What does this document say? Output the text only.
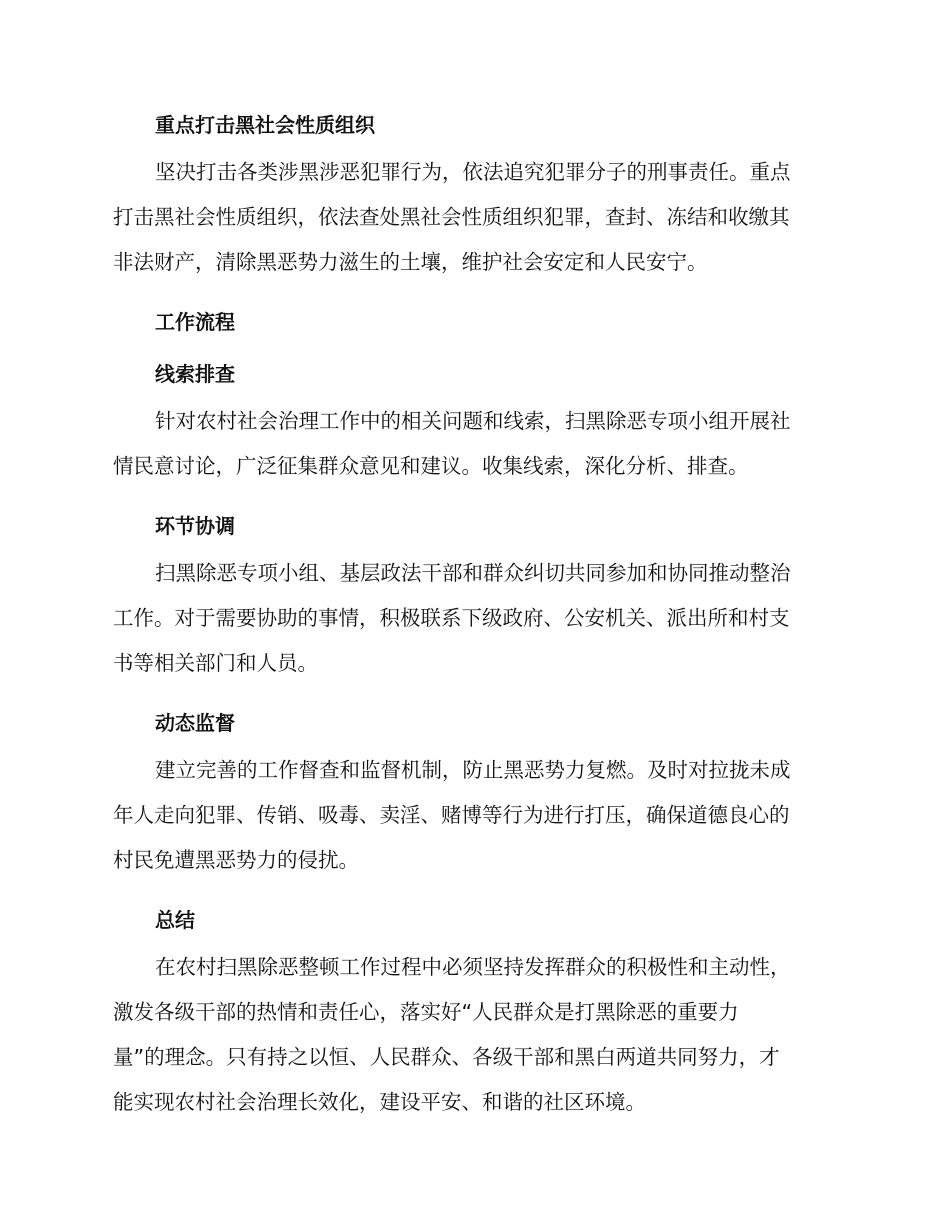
重点打击黑社会性质组织
坚决打击各类涉黑涉恶犯罪行为，依法追究犯罪分子的刑事责任。重点
打击黑社会性质组织，依法查处黑社会性质组织犯罪，查封、冻结和收缴其
非法财产，清除黑恶势力滋生的土壤，维护社会安定和人民安宁。
工作流程
线索排查
针对农村社会治理工作中的相关问题和线索，扫黑除恶专项小组开展社
情民意讨论，广泛征集群众意见和建议。收集线索，深化分析、排查。
环节协调
扫黑除恶专项小组、基层政法干部和群众纠切共同参加和协同推动整治
工作。对于需要协助的事情，积极联系下级政府、公安机关、派出所和村支
书等相关部门和人员。
动态监督
建立完善的工作督查和监督机制，防止黑恶势力复燃。及时对拉拢未成
年人走向犯罪、传销、吸毒、卖淫、赌博等行为进行打压，确保道德良心的
村民免遭黑恶势力的侵扰。
总结
在农村扫黑除恶整顿工作过程中必须坚持发挥群众的积极性和主动性，
激发各级干部的热情和责任心，落实好“人民群众是打黑除恶的重要力
量”的理念。只有持之以恒、人民群众、各级干部和黑白两道共同努力，才
能实现农村社会治理长效化，建设平安、和谐的社区环境。
